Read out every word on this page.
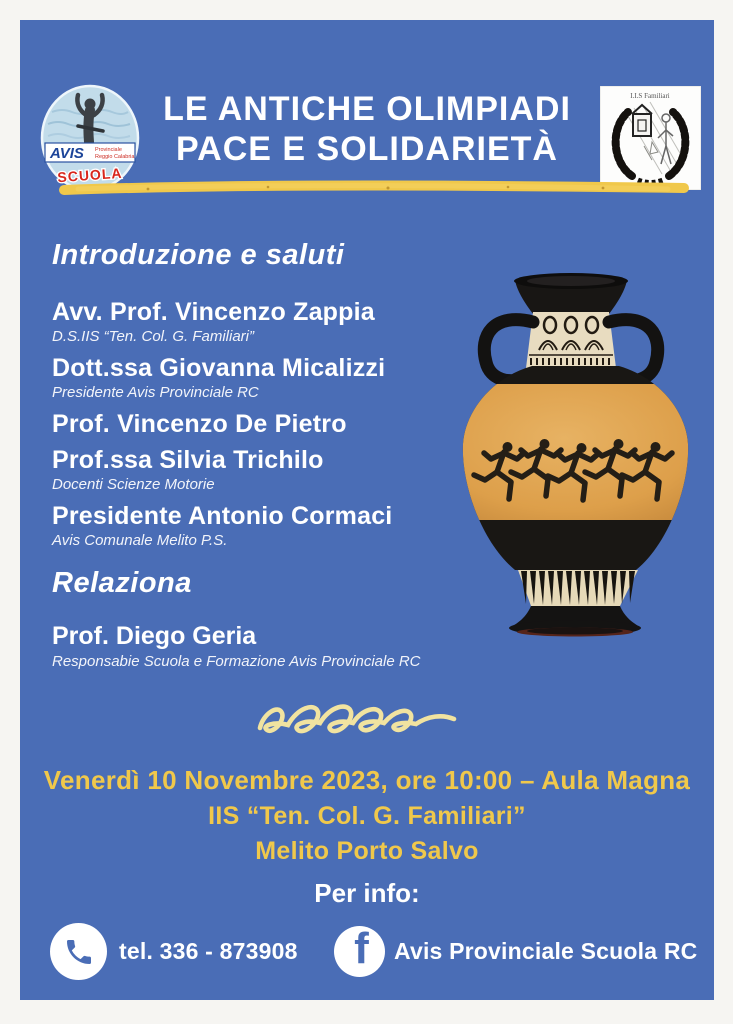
AVIS Provinciale
Reggio Calabria
SCUOLA
LE ANTICHE OLIMPIADI
PACE E SOLIDARIETÀ
I.I.S Familiari
Introduzione e saluti
Avv. Prof. Vincenzo Zappia
D.S.IIS “Ten. Col. G. Familiari”
Dott.ssa Giovanna Micalizzi
Presidente Avis Provinciale RC
Prof. Vincenzo De Pietro
Prof.ssa Silvia Trichilo
Docenti Scienze Motorie
Presidente Antonio Cormaci
Avis Comunale Melito P.S.
Relaziona
Prof. Diego Geria
Responsabie Scuola e Formazione Avis Provinciale RC
Venerdì 10 Novembre 2023, ore 10:00 – Aula Magna
IIS “Ten. Col. G. Familiari”
Melito Porto Salvo
Per info:
tel. 336 - 873908 f Avis Provinciale Scuola RC
